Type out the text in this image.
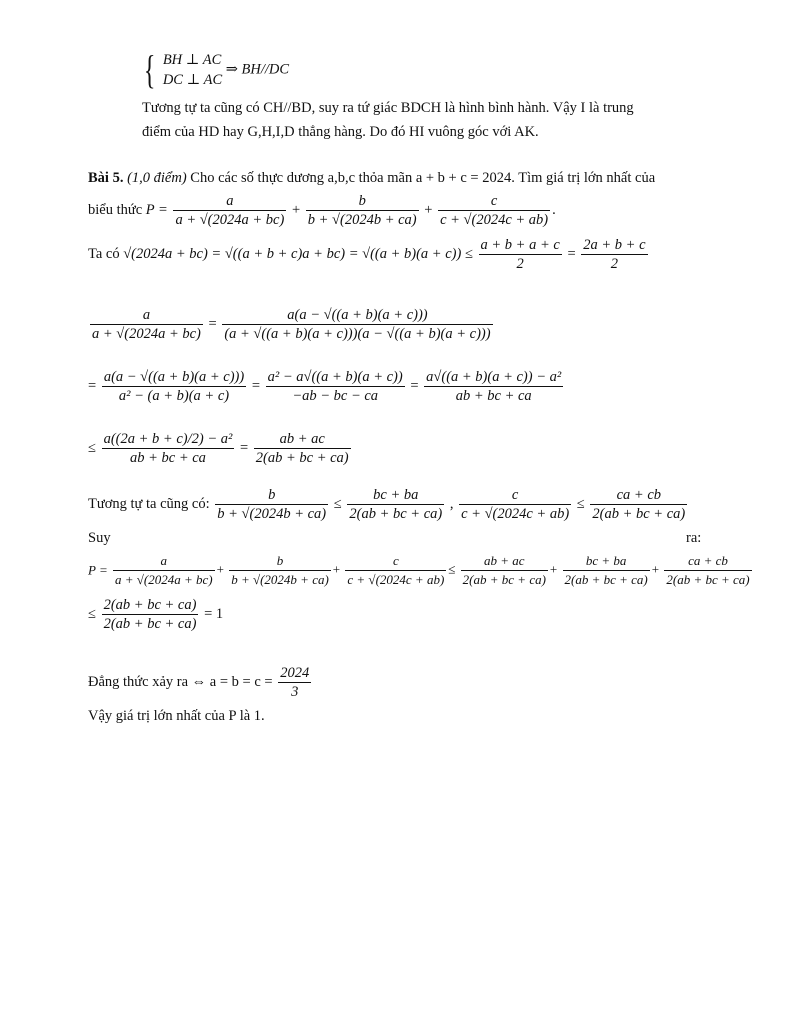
{ BH ⊥ AC
DC ⊥ AC ⇒ BH//DC
Tương tự ta cũng có CH//BD, suy ra tứ giác BDCH là hình bình hành. Vậy I là trung
điểm của HD hay G,H,I,D thẳng hàng. Do đó HI vuông góc với AK.
Bài 5. (1,0 điểm) Cho các số thực dương a,b,c thỏa mãn a + b + c = 2024. Tìm giá trị lớn nhất của
biểu thức $P = \frac{a}{a + √(2024a + bc)} + \frac{b}{b + √(2024b + ca)} + \frac{c}{c + √(2024c + ab)}$ .
Ta có $√(2024a + bc) = √((a + b + c)a + bc) = √((a + b)(a + c)) \le \frac{a + b + a + c}{2} = \frac{2a + b + c}{2}$
$\frac{a}{a + √(2024a + bc)} = \frac{a(a - √((a + b)(a + c)))}{(a + √((a + b)(a + c)))(a - √((a + b)(a + c)))}$
= $\frac{a(a - √((a + b)(a + c)))}{\text{a² − (a + b)(a + c)}} = \frac{\text{a² − a√((a + b)(a + c))}}{-ab - bc - ca} = \frac{\text{a√((a + b)(a + c)) − a²}}{ab + bc + ca}$
≤ $\frac{\text{a((2a + b + c)/2) − a²}}{ab + bc + ca} = \frac{ab + ac}{2(ab + bc + ca)}$
Tương tự ta cũng có: $\frac{b}{b + √(2024b + ca)} \le \frac{bc + ba}{2(ab + bc + ca)}$ , $\frac{c}{c + √(2024c + ab)} \le \frac{ca + cb}{2(ab + bc + ca)}$
Suy	ra:
$P = \frac{a}{a + √(2024a + bc)} + \frac{b}{b + √(2024b + ca)} + \frac{c}{c + √(2024c + ab)} \le \frac{ab + ac}{2(ab + bc + ca)} + \frac{bc + ba}{2(ab + bc + ca)} + \frac{ca + cb}{2(ab + bc + ca)}$
≤ $\frac{2(ab + bc + ca)}{2(ab + bc + ca)} = 1$
Đẳng thức xảy ra ⇔ $a = b = c = \frac{2024}{3}$
Vậy giá trị lớn nhất của P là 1.
